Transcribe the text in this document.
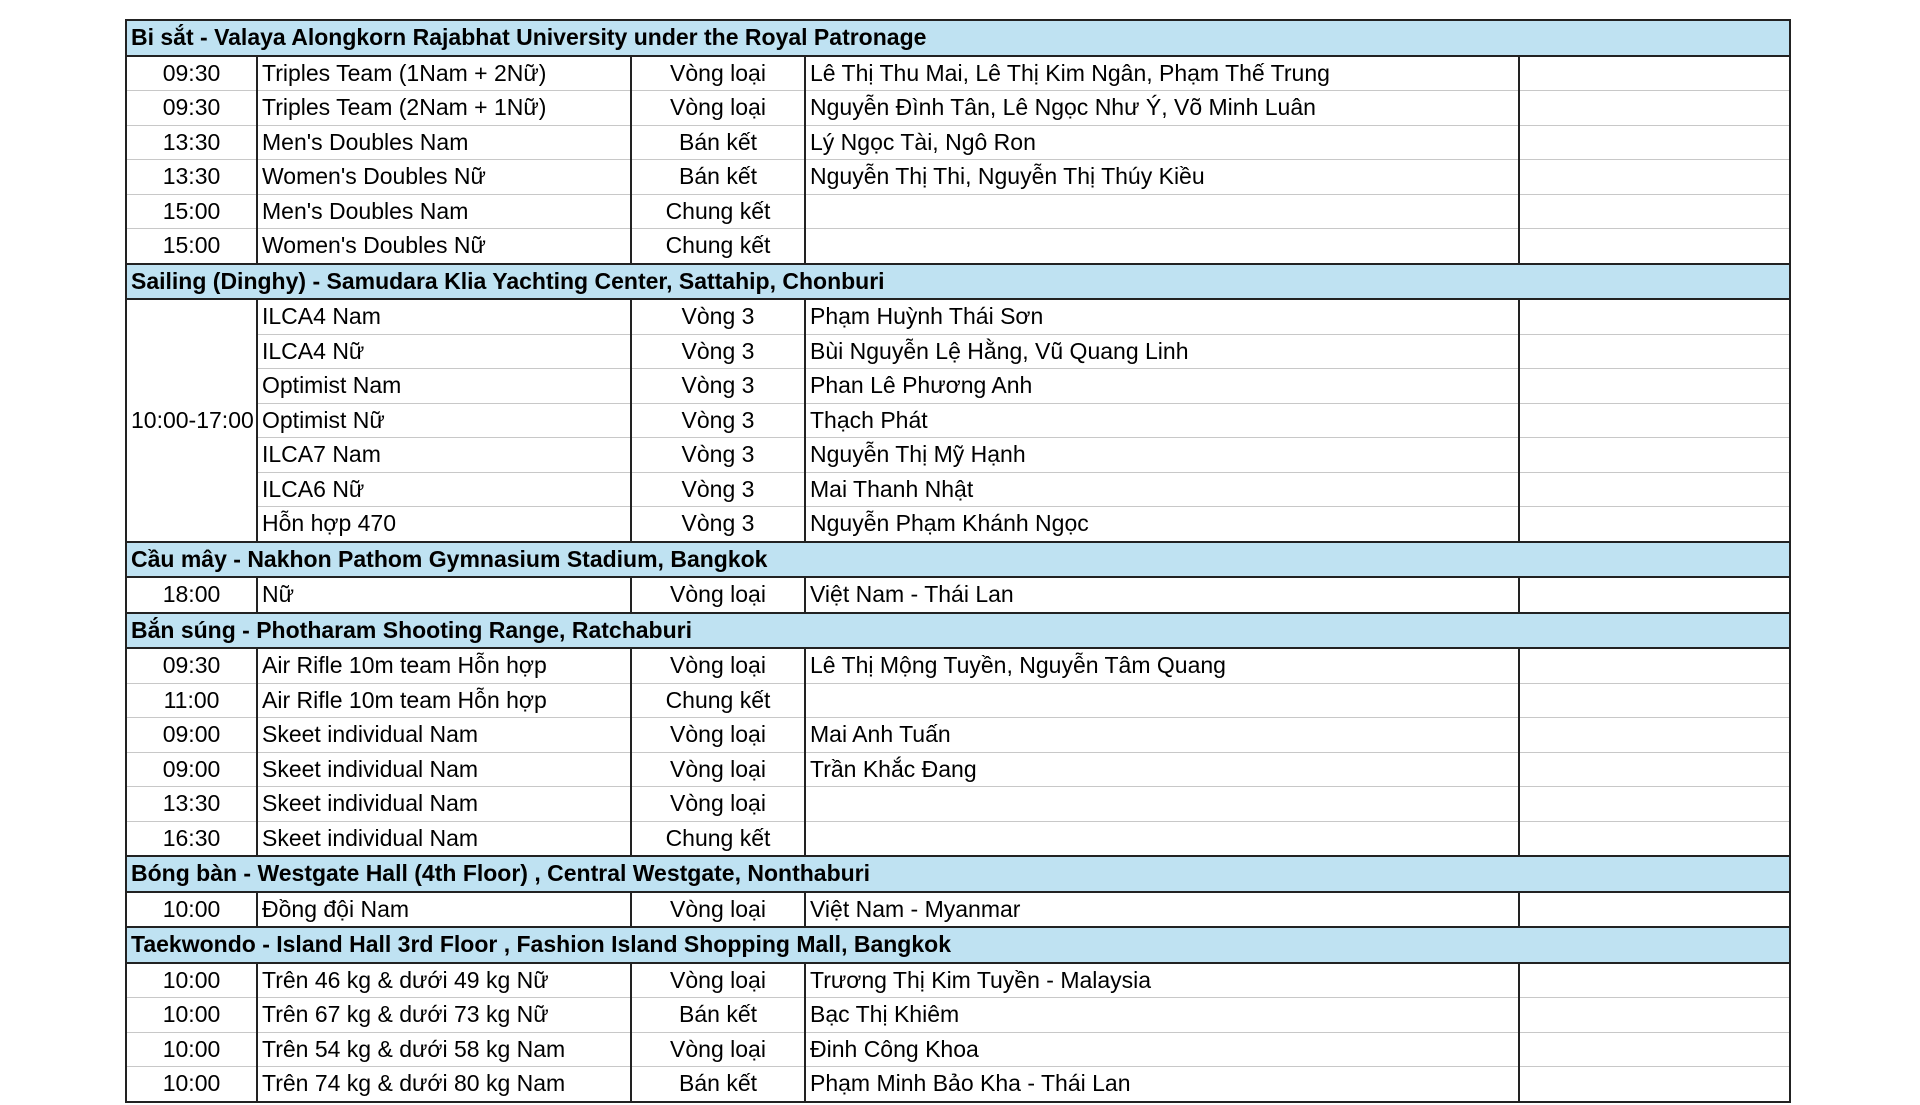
Bi sắt - Valaya Alongkorn Rajabhat University under the Royal Patronage				
09:30	Triples Team (1Nam + 2Nữ)	Vòng loại	Lê Thị Thu Mai, Lê Thị Kim Ngân, Phạm Thế Trung	
09:30	Triples Team (2Nam + 1Nữ)	Vòng loại	Nguyễn Đình Tân, Lê Ngọc Như Ý, Võ Minh Luân	
13:30	Men's Doubles Nam	Bán kết	Lý Ngọc Tài, Ngô Ron	
13:30	Women's Doubles Nữ	Bán kết	Nguyễn Thị Thi, Nguyễn Thị Thúy Kiều	
15:00	Men's Doubles Nam	Chung kết		
15:00	Women's Doubles Nữ	Chung kết		
Sailing (Dinghy) - Samudara Klia Yachting Center, Sattahip, Chonburi				
10:00-17:00	ILCA4 Nam	Vòng 3	Phạm Huỳnh Thái Sơn	
	ILCA4 Nữ	Vòng 3	Bùi Nguyễn Lệ Hằng, Vũ Quang Linh	
	Optimist Nam	Vòng 3	Phan Lê Phương Anh	
	Optimist Nữ	Vòng 3	Thạch Phát	
	ILCA7 Nam	Vòng 3	Nguyễn Thị Mỹ Hạnh	
	ILCA6 Nữ	Vòng 3	Mai Thanh Nhật	
	Hỗn hợp 470	Vòng 3	Nguyễn Phạm Khánh Ngọc	
Cầu mây - Nakhon Pathom Gymnasium Stadium, Bangkok				
18:00	Nữ	Vòng loại	Việt Nam - Thái Lan	
Bắn súng - Photharam Shooting Range, Ratchaburi				
09:30	Air Rifle 10m team Hỗn hợp	Vòng loại	Lê Thị Mộng Tuyền, Nguyễn Tâm Quang	
11:00	Air Rifle 10m team Hỗn hợp	Chung kết		
09:00	Skeet individual Nam	Vòng loại	Mai Anh Tuấn	
09:00	Skeet individual Nam	Vòng loại	Trần Khắc Đang	
13:30	Skeet individual Nam	Vòng loại		
16:30	Skeet individual Nam	Chung kết		
Bóng bàn - Westgate Hall (4th Floor) , Central Westgate, Nonthaburi				
10:00	Đồng đội Nam	Vòng loại	Việt Nam - Myanmar	
Taekwondo - Island Hall 3rd Floor , Fashion Island Shopping Mall, Bangkok				
10:00	Trên 46 kg & dưới 49 kg Nữ	Vòng loại	Trương Thị Kim Tuyền - Malaysia	
10:00	Trên 67 kg & dưới 73 kg Nữ	Bán kết	Bạc Thị Khiêm	
10:00	Trên 54 kg & dưới 58 kg Nam	Vòng loại	Đinh Công Khoa	
10:00	Trên 74 kg & dưới 80 kg Nam	Bán kết	Phạm Minh Bảo Kha - Thái Lan	
